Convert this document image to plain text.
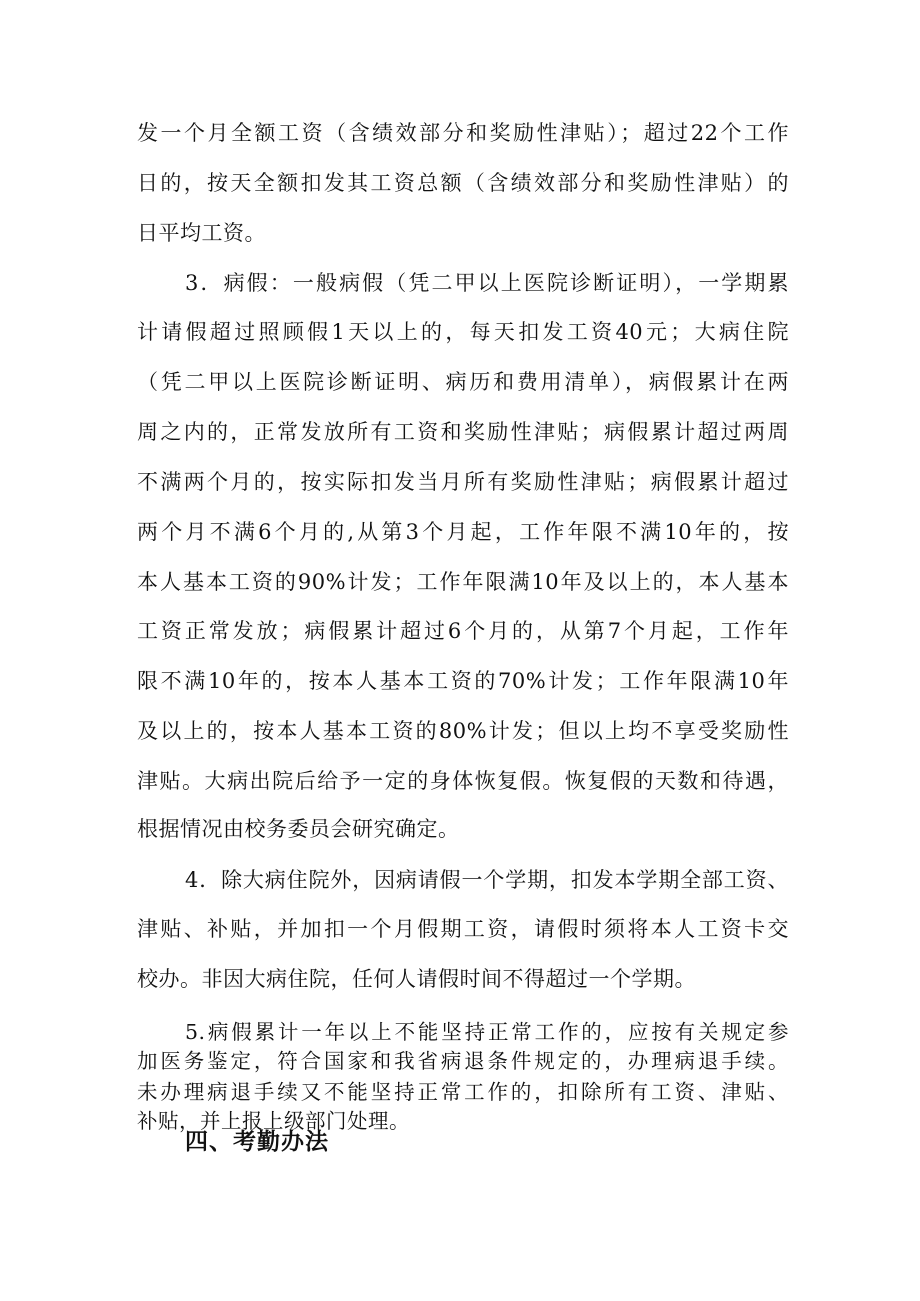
发一个月全额工资（含绩效部分和奖励性津贴）；超过22个工作
日的，按天全额扣发其工资总额（含绩效部分和奖励性津贴）的
日平均工资。
3．病假：一般病假（凭二甲以上医院诊断证明），一学期累
计请假超过照顾假1天以上的，每天扣发工资40元；大病住院
（凭二甲以上医院诊断证明、病历和费用清单），病假累计在两
周之内的，正常发放所有工资和奖励性津贴；病假累计超过两周
不满两个月的，按实际扣发当月所有奖励性津贴；病假累计超过
两个月不满6个月的,从第3个月起，工作年限不满10年的，按
本人基本工资的90%计发；工作年限满10年及以上的，本人基本
工资正常发放；病假累计超过6个月的，从第7个月起，工作年
限不满10年的，按本人基本工资的70%计发；工作年限满10年
及以上的，按本人基本工资的80%计发；但以上均不享受奖励性
津贴。大病出院后给予一定的身体恢复假。恢复假的天数和待遇，
根据情况由校务委员会研究确定。
4．除大病住院外，因病请假一个学期，扣发本学期全部工资、
津贴、补贴，并加扣一个月假期工资，请假时须将本人工资卡交
校办。非因大病住院，任何人请假时间不得超过一个学期。
5.病假累计一年以上不能坚持正常工作的，应按有关规定参
加医务鉴定，符合国家和我省病退条件规定的，办理病退手续。
未办理病退手续又不能坚持正常工作的，扣除所有工资、津贴、
补贴，并上报上级部门处理。
四、考勤办法
